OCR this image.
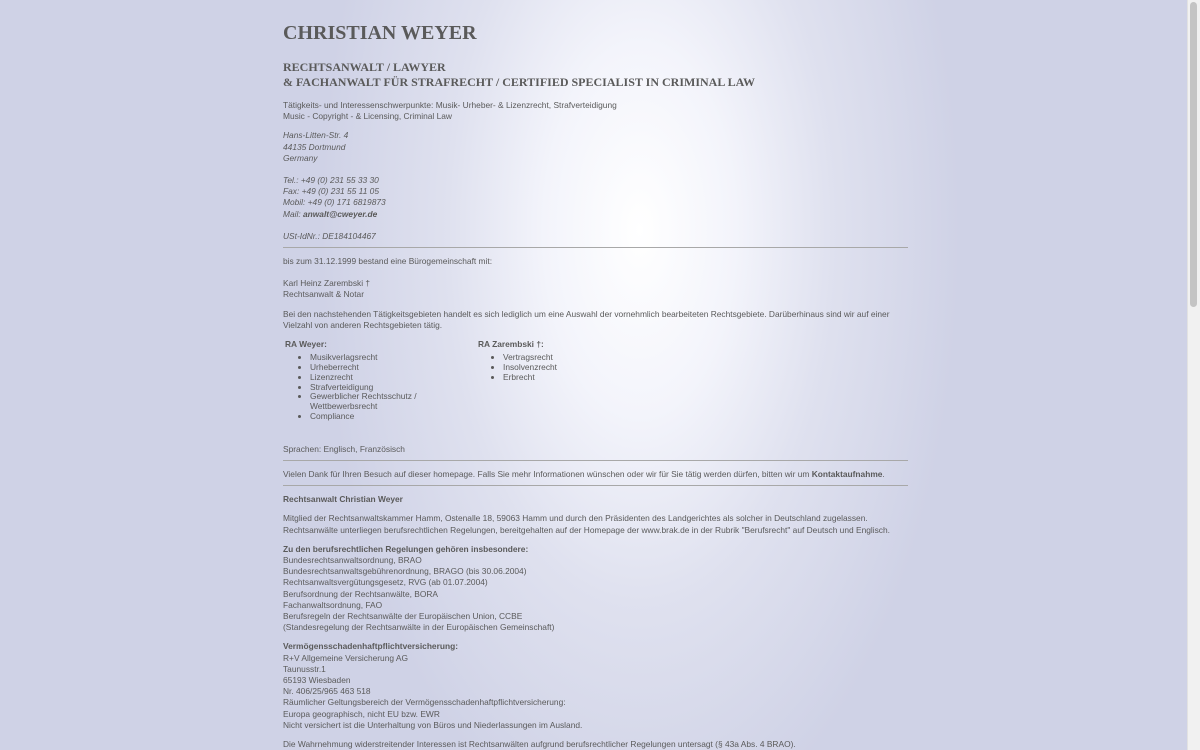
CHRISTIAN WEYER
RECHTSANWALT / LAWYER
& FACHANWALT FÜR STRAFRECHT / CERTIFIED SPECIALIST IN CRIMINAL LAW

Tätigkeits- und Interessenschwerpunkte: Musik- Urheber- & Lizenzrecht, Strafverteidigung

Music - Copyright - & Licensing, Criminal Law

Hans-Litten-Str. 4

44135 Dortmund

Germany

Tel.: +49 (0) 231 55 33 30

Fax: +49 (0) 231 55 11 05

Mobil: +49 (0) 171 6819873

Mail: anwalt@cweyer.de

USt-IdNr.: DE184104467

bis zum 31.12.1999 bestand eine Bürogemeinschaft mit:

Karl Heinz Zarembski †

Rechtsanwalt & Notar

Bei den nachstehenden Tätigkeitsgebieten handelt es sich lediglich um eine Auswahl der vornehmlich bearbeiteten Rechtsgebiete. Darüberhinaus sind wir auf einer Vielzahl von anderen Rechtsgebieten tätig.

RA Weyer:
• Musikverlagsrecht
• Urheberrecht
• Lizenzrecht
• Strafverteidigung
• Gewerblicher Rechtsschutz / Wettbewerbsrecht
• Compliance
RA Zarembski †:
• Vertragsrecht
• Insolvenzrecht
• Erbrecht

Sprachen: Englisch, Französisch

Vielen Dank für Ihren Besuch auf dieser homepage. Falls Sie mehr Informationen wünschen oder wir für Sie tätig werden dürfen, bitten wir um Kontaktaufnahme.

Rechtsanwalt Christian Weyer

Mitglied der Rechtsanwaltskammer Hamm, Ostenalle 18, 59063 Hamm und durch den Präsidenten des Landgerichtes als solcher in Deutschland zugelassen.

Rechtsanwälte unterliegen berufsrechtlichen Regelungen, bereitgehalten auf der Homepage der www.brak.de in der Rubrik "Berufsrecht" auf Deutsch und Englisch.

Zu den berufsrechtlichen Regelungen gehören insbesondere:

Bundesrechtsanwaltsordnung, BRAO

Bundesrechtsanwaltsgebührenordnung, BRAGO (bis 30.06.2004)

Rechtsanwaltsvergütungsgesetz, RVG (ab 01.07.2004)

Berufsordnung der Rechtsanwälte, BORA

Fachanwaltsordnung, FAO

Berufsregeln der Rechtsanwälte der Europäischen Union, CCBE

(Standesregelung der Rechtsanwälte in der Europäischen Gemeinschaft)

Vermögensschadenhaftpflichtversicherung:

R+V Allgemeine Versicherung AG

Taunusstr.1

65193 Wiesbaden

Nr. 406/25/965 463 518

Räumlicher Geltungsbereich der Vermögensschadenhaftpflichtversicherung:

Europa geographisch, nicht EU bzw. EWR

Nicht versichert ist die Unterhaltung von Büros und Niederlassungen im Ausland.

Die Wahrnehmung widerstreitender Interessen ist Rechtsanwälten aufgrund berufsrechtlicher Regelungen untersagt (§ 43a Abs. 4 BRAO).
